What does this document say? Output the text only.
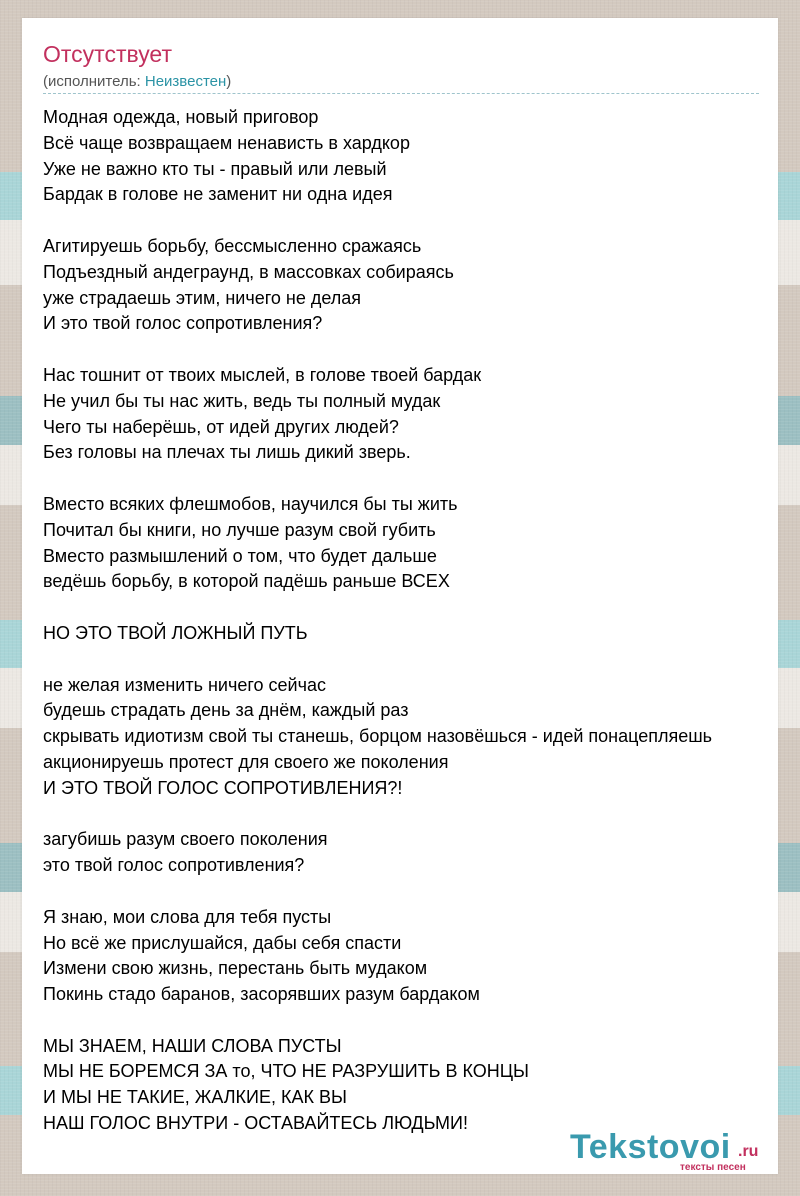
Отсутствует
(исполнитель: Неизвестен)
Модная одежда, новый приговор
Всё чаще возвращаем ненависть в хардкор
Уже не важно кто ты - правый или левый
Бардак в голове не заменит ни одна идея
Агитируешь борьбу, бессмысленно сражаясь
Подъездный андеграунд, в массовках собираясь
уже страдаешь этим, ничего не делая
И это твой голос сопротивления?
Нас тошнит от твоих мыслей, в голове твоей бардак
Не учил бы ты нас жить, ведь ты полный мудак
Чего ты наберёшь, от идей других людей?
Без головы на плечах ты лишь дикий зверь.
Вместо всяких флешмобов, научился бы ты жить
Почитал бы книги, но лучше разум свой губить
Вместо размышлений о том, что будет дальше
ведёшь борьбу, в которой падёшь раньше ВСЕХ
НО ЭТО ТВОЙ ЛОЖНЫЙ ПУТЬ
не желая изменить ничего сейчас
будешь страдать день за днём, каждый раз
скрывать идиотизм свой ты станешь, борцом назовёшься - идей понацепляешь
акционируешь протест для своего же поколения
И ЭТО ТВОЙ ГОЛОС СОПРОТИВЛЕНИЯ?!
загубишь разум своего поколения
это твой голос сопротивления?
Я знаю, мои слова для тебя пусты
Но всё же прислушайся, дабы себя спасти
Измени свою жизнь, перестань быть мудаком
Покинь стадо баранов, засорявших разум бардаком
МЫ ЗНАЕМ, НАШИ СЛОВА ПУСТЫ
МЫ НЕ БОРЕМСЯ ЗА то, ЧТО НЕ РАЗРУШИТЬ В КОНЦЫ
И МЫ НЕ ТАКИЕ, ЖАЛКИЕ, КАК ВЫ
НАШ ГОЛОС ВНУТРИ - ОСТАВАЙТЕСЬ ЛЮДЬМИ!
Tekstovoi .ru
тексты песен
